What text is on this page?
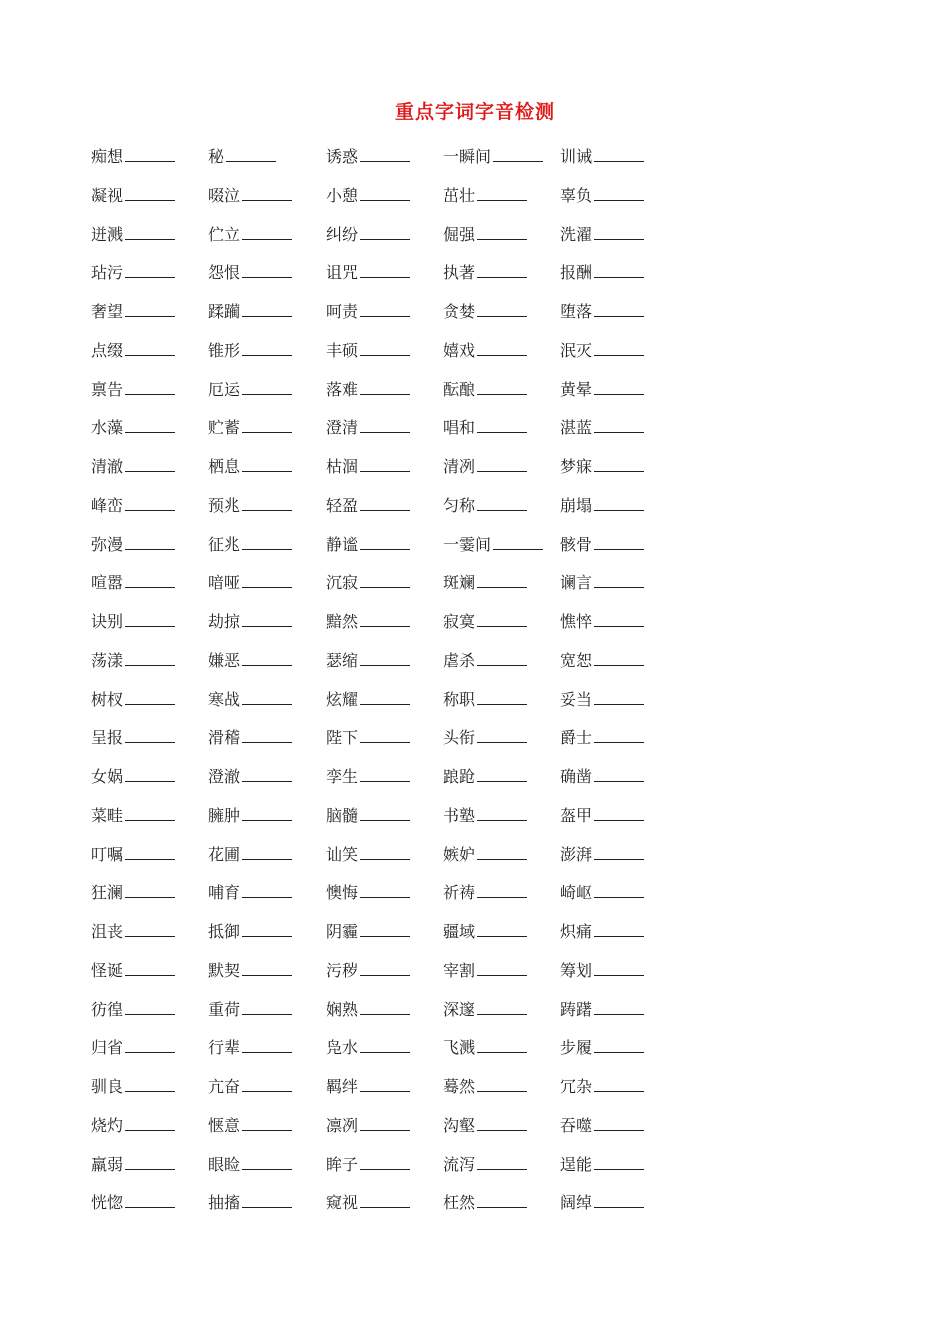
重点字词字音检测
痴想	秘	诱惑	一瞬间	训诫
凝视	啜泣	小憩	茁壮	辜负
迸溅	伫立	纠纷	倔强	洗濯
玷污	怨恨	诅咒	执著	报酬
奢望	蹂躏	呵责	贪婪	堕落
点缀	锥形	丰硕	嬉戏	泯灭
禀告	厄运	落难	酝酿	黄晕
水藻	贮蓄	澄清	唱和	湛蓝
清澈	栖息	枯涸	清冽	梦寐
峰峦	预兆	轻盈	匀称	崩塌
弥漫	征兆	静谧	一霎间	骸骨
喧嚣	喑哑	沉寂	斑斓	谰言
诀别	劫掠	黯然	寂寞	憔悴
荡漾	嫌恶	瑟缩	虐杀	宽恕
树杈	寒战	炫耀	称职	妥当
呈报	滑稽	陛下	头衔	爵士
女娲	澄澈	孪生	踉跄	确凿
菜畦	臃肿	脑髓	书塾	盔甲
叮嘱	花圃	讪笑	嫉妒	澎湃
狂澜	哺育	懊悔	祈祷	崎岖
沮丧	抵御	阴霾	疆域	炽痛
怪诞	默契	污秽	宰割	筹划
彷徨	重荷	娴熟	深邃	踌躇
归省	行辈	凫水	飞溅	步履
驯良	亢奋	羁绊	蓦然	冗杂
烧灼	惬意	凛冽	沟壑	吞噬
羸弱	眼睑	眸子	流泻	逞能
恍惚	抽搐	窥视	枉然	阔绰
